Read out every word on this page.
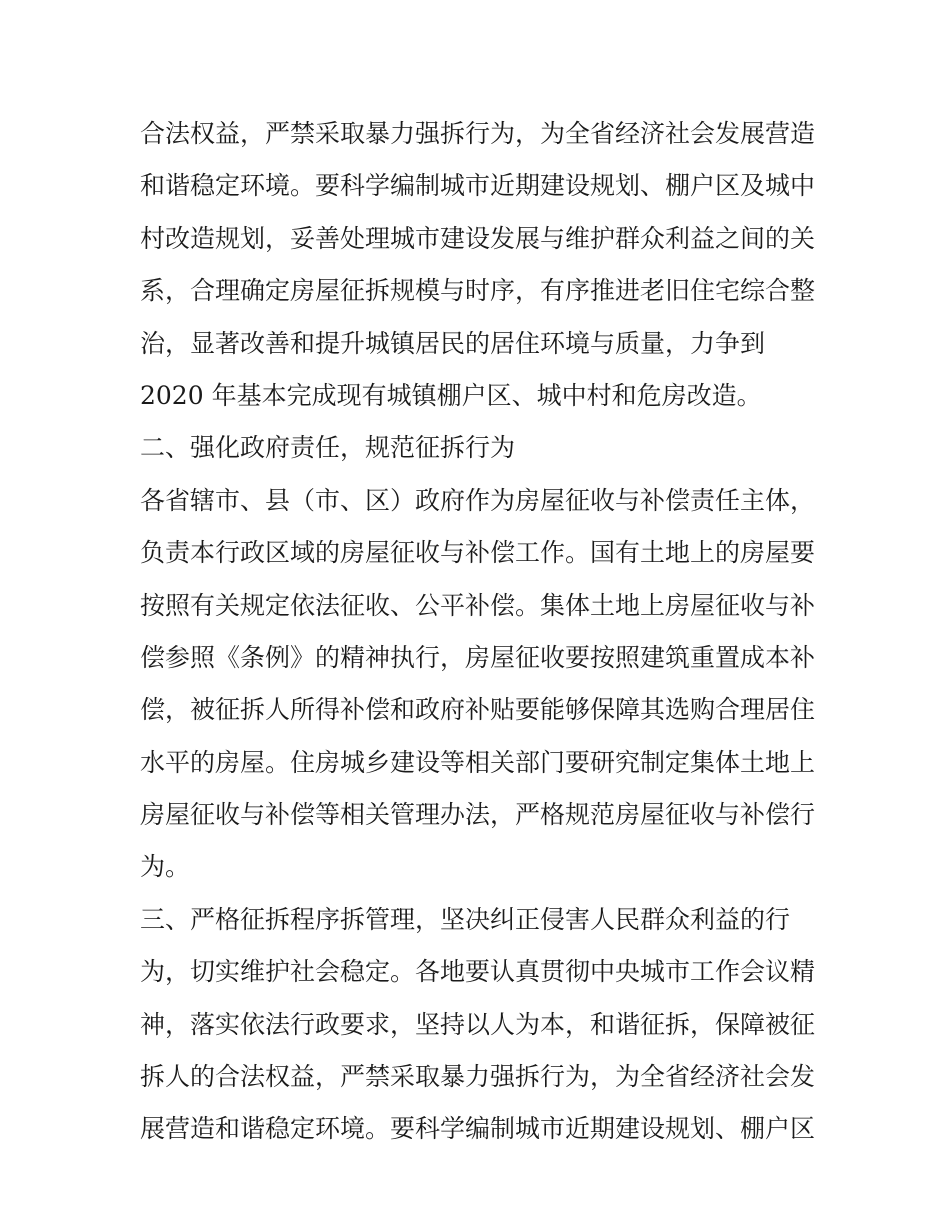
合法权益，严禁采取暴力强拆行为，为全省经济社会发展营造
和谐稳定环境。要科学编制城市近期建设规划、棚户区及城中
村改造规划，妥善处理城市建设发展与维护群众利益之间的关
系，合理确定房屋征拆规模与时序，有序推进老旧住宅综合整
治，显著改善和提升城镇居民的居住环境与质量，力争到
2020 年基本完成现有城镇棚户区、城中村和危房改造。
二、强化政府责任，规范征拆行为
各省辖市、县（市、区）政府作为房屋征收与补偿责任主体，
负责本行政区域的房屋征收与补偿工作。国有土地上的房屋要
按照有关规定依法征收、公平补偿。集体土地上房屋征收与补
偿参照《条例》的精神执行，房屋征收要按照建筑重置成本补
偿，被征拆人所得补偿和政府补贴要能够保障其选购合理居住
水平的房屋。住房城乡建设等相关部门要研究制定集体土地上
房屋征收与补偿等相关管理办法，严格规范房屋征收与补偿行
为。
三、严格征拆程序拆管理，坚决纠正侵害人民群众利益的行
为，切实维护社会稳定。各地要认真贯彻中央城市工作会议精
神，落实依法行政要求，坚持以人为本，和谐征拆，保障被征
拆人的合法权益，严禁采取暴力强拆行为，为全省经济社会发
展营造和谐稳定环境。要科学编制城市近期建设规划、棚户区
